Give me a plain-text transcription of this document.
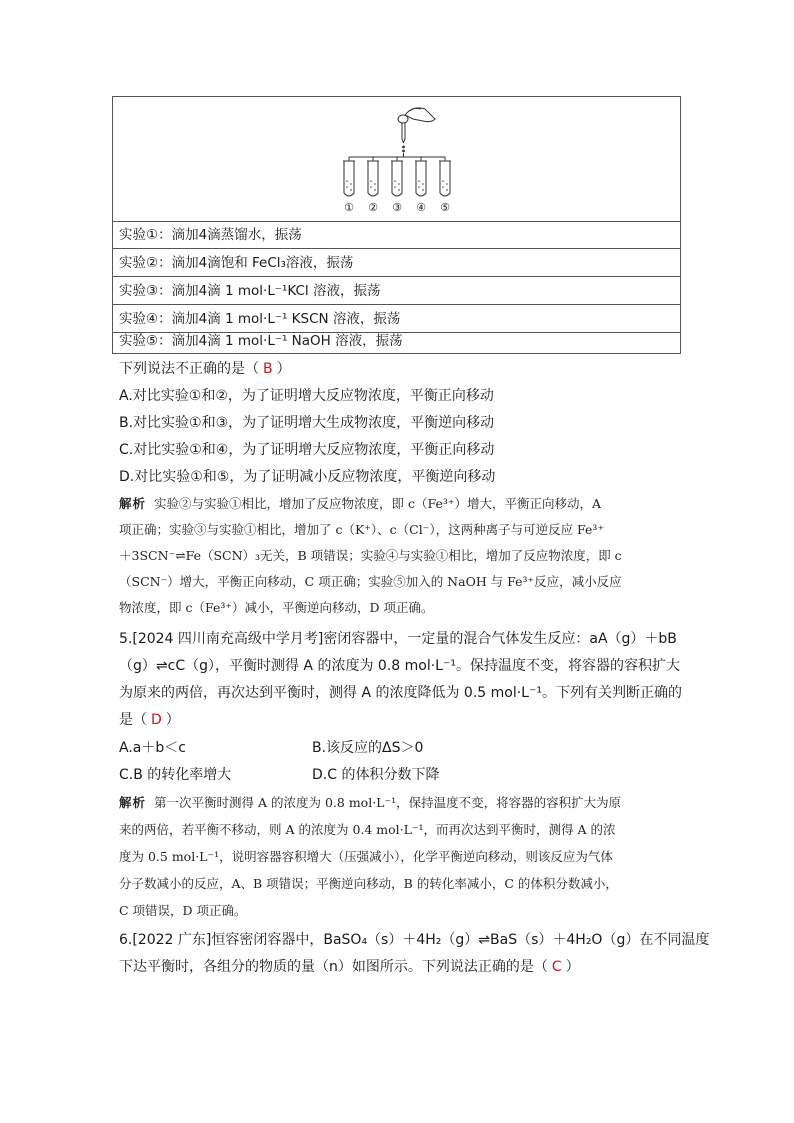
① ② ③ ④ ⑤
实验①：滴加4滴蒸馏水，振荡
实验②：滴加4滴饱和 FeCl₃溶液，振荡
实验③：滴加4滴 1 mol·L⁻¹KCl 溶液，振荡
实验④：滴加4滴 1 mol·L⁻¹ KSCN 溶液，振荡
实验⑤：滴加4滴 1 mol·L⁻¹ NaOH 溶液，振荡
下列说法不正确的是（ B ）
A.对比实验①和②，为了证明增大反应物浓度，平衡正向移动
B.对比实验①和③，为了证明增大生成物浓度，平衡逆向移动
C.对比实验①和④，为了证明增大反应物浓度，平衡正向移动
D.对比实验①和⑤，为了证明减小反应物浓度，平衡逆向移动
解析 实验②与实验①相比，增加了反应物浓度，即 c（Fe³⁺）增大，平衡正向移动，A
项正确；实验③与实验①相比，增加了 c（K⁺）、c（Cl⁻），这两种离子与可逆反应 Fe³⁺
＋3SCN⁻⇌Fe（SCN）₃无关，B 项错误；实验④与实验①相比，增加了反应物浓度，即 c
（SCN⁻）增大，平衡正向移动，C 项正确；实验⑤加入的 NaOH 与 Fe³⁺反应，减小反应
物浓度，即 c（Fe³⁺）减小，平衡逆向移动，D 项正确。
5.[2024 四川南充高级中学月考]密闭容器中，一定量的混合气体发生反应：aA（g）＋bB
（g）⇌cC（g），平衡时测得 A 的浓度为 0.8 mol·L⁻¹。保持温度不变，将容器的容积扩大
为原来的两倍，再次达到平衡时，测得 A 的浓度降低为 0.5 mol·L⁻¹。下列有关判断正确的
是（ D ）
A.a＋b＜c	B.该反应的ΔS＞0
C.B 的转化率增大	D.C 的体积分数下降
解析 第一次平衡时测得 A 的浓度为 0.8 mol·L⁻¹，保持温度不变，将容器的容积扩大为原
来的两倍，若平衡不移动，则 A 的浓度为 0.4 mol·L⁻¹，而再次达到平衡时，测得 A 的浓
度为 0.5 mol·L⁻¹，说明容器容积增大（压强减小），化学平衡逆向移动，则该反应为气体
分子数减小的反应，A、B 项错误；平衡逆向移动，B 的转化率减小，C 的体积分数减小，
C 项错误，D 项正确。
6.[2022 广东]恒容密闭容器中，BaSO₄（s）＋4H₂（g）⇌BaS（s）＋4H₂O（g）在不同温度
下达平衡时，各组分的物质的量（n）如图所示。下列说法正确的是（ C ）
